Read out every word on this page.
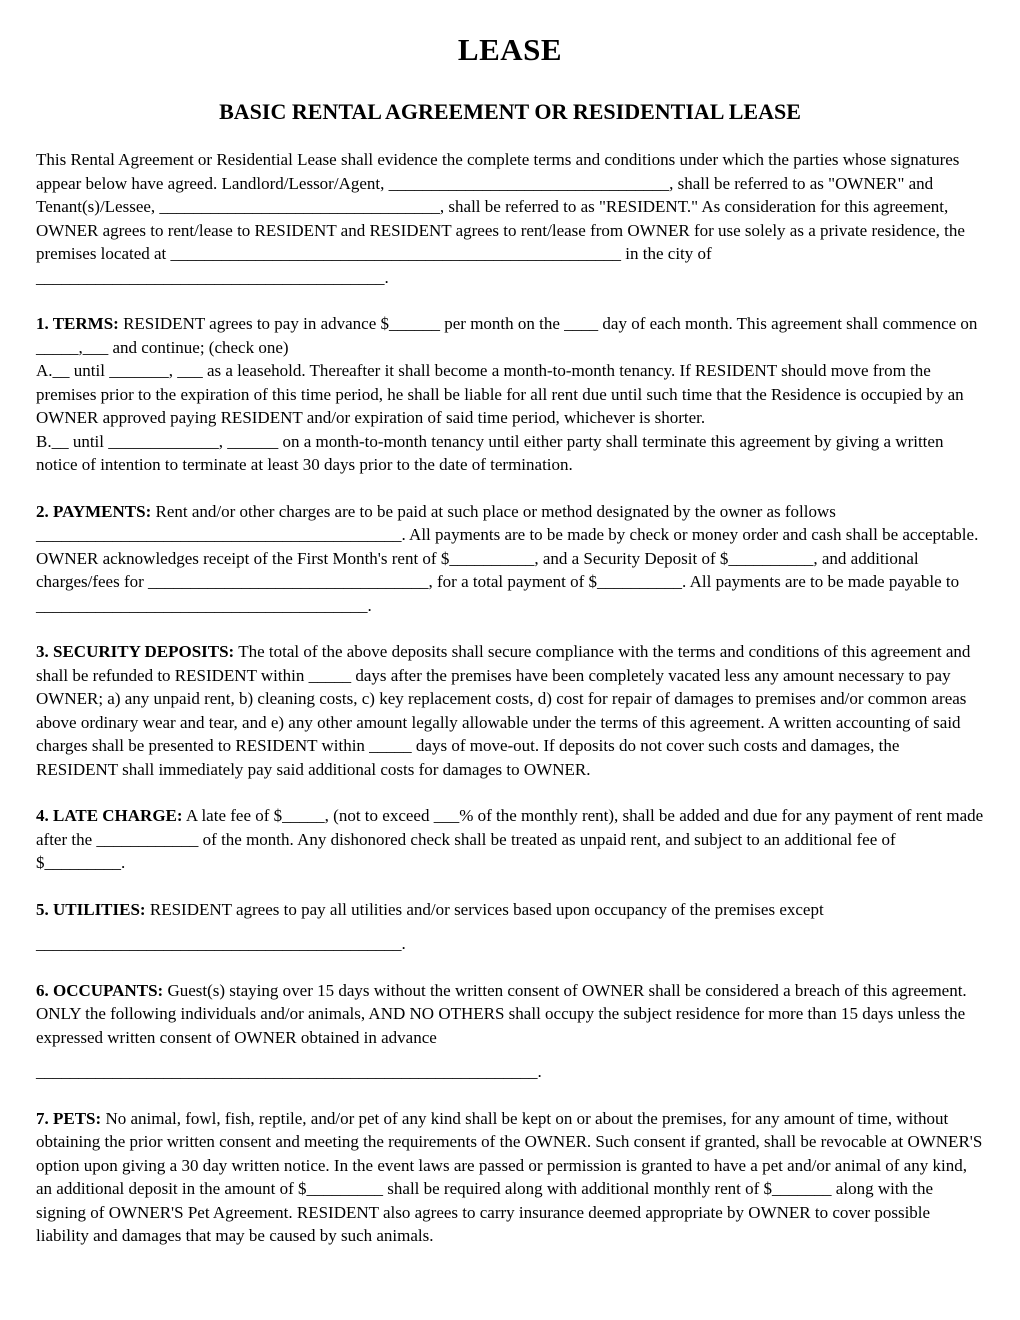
LEASE
BASIC RENTAL AGREEMENT OR RESIDENTIAL LEASE

This Rental Agreement or Residential Lease shall evidence the complete terms and conditions under which the parties whose signatures appear below have agreed. Landlord/Lessor/Agent, _________________________________, shall be referred to as "OWNER" and Tenant(s)/Lessee, _________________________________, shall be referred to as "RESIDENT." As consideration for this agreement, OWNER agrees to rent/lease to RESIDENT and RESIDENT agrees to rent/lease from OWNER for use solely as a private residence, the premises located at _____________________________________________________ in the city of _________________________________________.

1. TERMS: RESIDENT agrees to pay in advance $______ per month on the ____ day of each month. This agreement shall commence on _____,___ and continue; (check one)

A.__ until _______, ___ as a leasehold. Thereafter it shall become a month-to-month tenancy. If RESIDENT should move from the premises prior to the expiration of this time period, he shall be liable for all rent due until such time that the Residence is occupied by an OWNER approved paying RESIDENT and/or expiration of said time period, whichever is shorter.

B.__ until _____________, ______ on a month-to-month tenancy until either party shall terminate this agreement by giving a written notice of intention to terminate at least 30 days prior to the date of termination.

2. PAYMENTS: Rent and/or other charges are to be paid at such place or method designated by the owner as follows ___________________________________________. All payments are to be made by check or money order and cash shall be acceptable. OWNER acknowledges receipt of the First Month's rent of $__________, and a Security Deposit of $__________, and additional charges/fees for _________________________________, for a total payment of $__________. All payments are to be made payable to _______________________________________.

3. SECURITY DEPOSITS: The total of the above deposits shall secure compliance with the terms and conditions of this agreement and shall be refunded to RESIDENT within _____ days after the premises have been completely vacated less any amount necessary to pay OWNER; a) any unpaid rent, b) cleaning costs, c) key replacement costs, d) cost for repair of damages to premises and/or common areas above ordinary wear and tear, and e) any other amount legally allowable under the terms of this agreement. A written accounting of said charges shall be presented to RESIDENT within _____ days of move-out. If deposits do not cover such costs and damages, the RESIDENT shall immediately pay said additional costs for damages to OWNER.

4. LATE CHARGE: A late fee of $_____, (not to exceed ___% of the monthly rent), shall be added and due for any payment of rent made after the ____________ of the month. Any dishonored check shall be treated as unpaid rent, and subject to an additional fee of $_________.

5. UTILITIES: RESIDENT agrees to pay all utilities and/or services based upon occupancy of the premises except

___________________________________________.

6. OCCUPANTS: Guest(s) staying over 15 days without the written consent of OWNER shall be considered a breach of this agreement. ONLY the following individuals and/or animals, AND NO OTHERS shall occupy the subject residence for more than 15 days unless the expressed written consent of OWNER obtained in advance

___________________________________________________________.

7. PETS: No animal, fowl, fish, reptile, and/or pet of any kind shall be kept on or about the premises, for any amount of time, without obtaining the prior written consent and meeting the requirements of the OWNER. Such consent if granted, shall be revocable at OWNER'S option upon giving a 30 day written notice. In the event laws are passed or permission is granted to have a pet and/or animal of any kind, an additional deposit in the amount of $_________ shall be required along with additional monthly rent of $_______ along with the signing of OWNER'S Pet Agreement. RESIDENT also agrees to carry insurance deemed appropriate by OWNER to cover possible liability and damages that may be caused by such animals.
